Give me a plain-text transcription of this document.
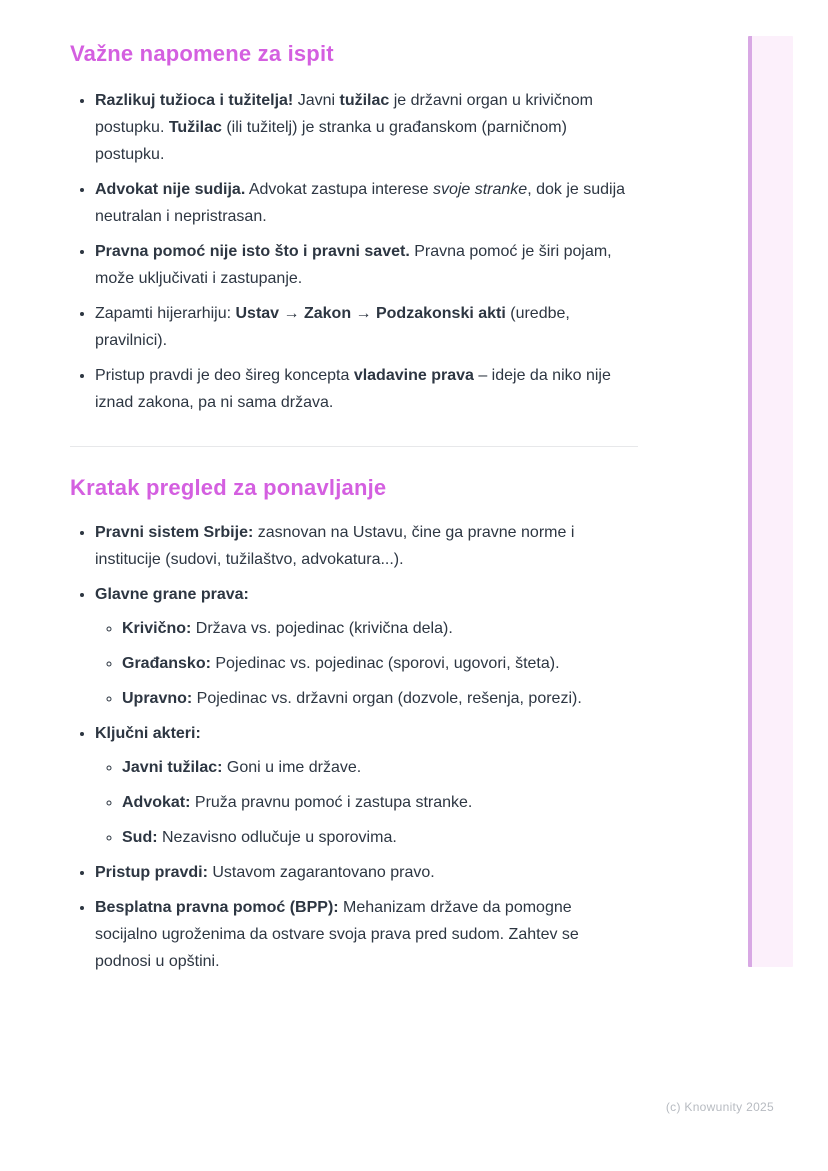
Važne napomene za ispit
• Razlikuj tužioca i tužitelja! Javni tužilac je državni organ u krivičnom postupku. Tužilac (ili tužitelj) je stranka u građanskom (parničnom) postupku.
• Advokat nije sudija. Advokat zastupa interese svoje stranke, dok je sudija neutralan i nepristrasan.
• Pravna pomoć nije isto što i pravni savet. Pravna pomoć je širi pojam, može uključivati i zastupanje.
• Zapamti hijerarhiju: Ustav → Zakon → Podzakonski akti (uredbe, pravilnici).
• Pristup pravdi je deo šireg koncepta vladavine prava – ideje da niko nije iznad zakona, pa ni sama država.
Kratak pregled za ponavljanje
• Pravni sistem Srbije: zasnovan na Ustavu, čine ga pravne norme i institucije (sudovi, tužilaštvo, advokatura...).
• Glavne grane prava:
◦ Krivično: Država vs. pojedinac (krivična dela).
◦ Građansko: Pojedinac vs. pojedinac (sporovi, ugovori, šteta).
◦ Upravno: Pojedinac vs. državni organ (dozvole, rešenja, porezi).
• Ključni akteri:
◦ Javni tužilac: Goni u ime države.
◦ Advokat: Pruža pravnu pomoć i zastupa stranke.
◦ Sud: Nezavisno odlučuje u sporovima.
• Pristup pravdi: Ustavom zagarantovano pravo.
• Besplatna pravna pomoć (BPP): Mehanizam države da pomogne socijalno ugroženima da ostvare svoja prava pred sudom. Zahtev se podnosi u opštini.
(c) Knowunity 2025
